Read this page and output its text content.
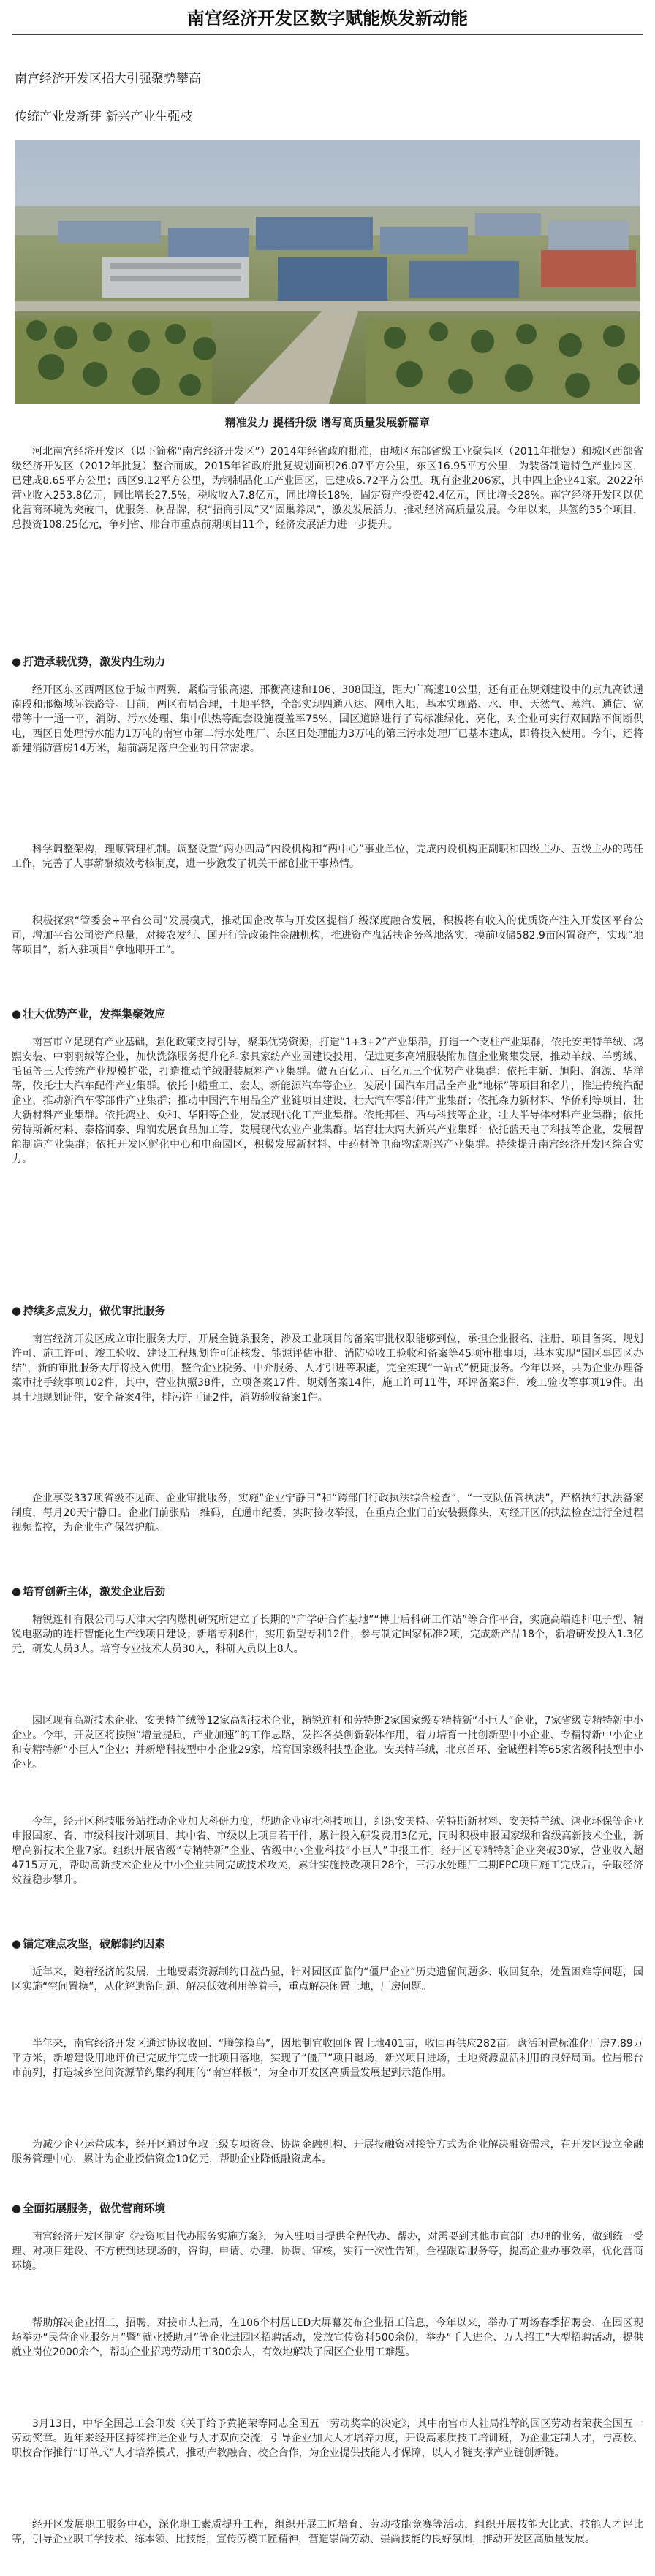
南宫经济开发区数字赋能焕发新动能
南宫经济开发区招大引强聚势攀高
传统产业发新芽 新兴产业生强枝
精准发力 提档升级 谱写高质量发展新篇章

河北南宫经济开发区（以下简称“南宫经济开发区”）2014年经省政府批准，由城区东部省级工业聚集区（2011年批复）和城区西部省级经济开发区（2012年批复）整合而成，2015年省政府批复规划面积26.07平方公里，东区16.95平方公里，为装备制造特色产业园区，已建成8.65平方公里；西区9.12平方公里，为钢制品化工产业园区，已建成6.72平方公里。现有企业206家，其中四上企业41家。2022年营业收入253.8亿元，同比增长27.5%，税收收入7.8亿元，同比增长18%，固定资产投资42.4亿元，同比增长28%。南宫经济开发区以优化营商环境为突破口，优服务、树品牌，积“招商引凤”又“固巢养凤”，激发发展活力，推动经济高质量发展。今年以来，共签约35个项目，总投资108.25亿元，争列省、邢台市重点前期项目11个，经济发展活力进一步提升。

● 打造承载优势，激发内生动力

经开区东区西两区位于城市两翼，紧临青银高速、邢衡高速和106、308国道，距大广高速10公里，还有正在规划建设中的京九高铁通南段和邢衡城际铁路等。目前，两区布局合理，土地平整，全部实现四通八达、网电入地，基本实现路、水、电、天然气、蒸汽、通信、宽带等十一通一平，消防、污水处理、集中供热等配套设施覆盖率75%，国区道路进行了高标准绿化、亮化，对企业可实行双回路不间断供电，西区日处理污水能力1万吨的南宫市第二污水处理厂、东区日处理能力3万吨的第三污水处理厂已基本建成，即将投入使用。今年，还将新建消防营房14万米，超前满足落户企业的日常需求。

科学调整架构，理顺管理机制。调整设置“两办四局”内设机构和“两中心”事业单位，完成内设机构正副职和四级主办、五级主办的聘任工作，完善了人事薪酬绩效考核制度，进一步激发了机关干部创业干事热情。

积极探索“管委会+平台公司”发展模式，推动国企改革与开发区提档升级深度融合发展，积极将有收入的优质资产注入开发区平台公司，增加平台公司资产总量，对接农发行、国开行等政策性金融机构，推进资产盘活扶企务落地落实，摸前收储582.9亩闲置资产，实现“地等项目”，新入驻项目“拿地即开工”。

● 壮大优势产业，发挥集聚效应

南宫市立足现有产业基础，强化政策支持引导，聚集优势资源，打造“1+3+2”产业集群，打造一个支柱产业集群，依托安美特羊绒、鸿熙安装、中羽羽绒等企业，加快洗涤服务提升化和家具家纺产业园建设投用，促进更多高端服装附加值企业聚集发展，推动羊绒、羊剪绒、毛毡等三大传统产业规模扩张，打造推动羊绒服装原料产业集群。做五百亿元、百亿元三个优势产业集群：依托丰新、旭阳、润源、华洋等，依托壮大汽车配件产业集群。依托中船重工、宏太、新能源汽车等企业，发展中国汽车用品全产业“地标”等项目和名片，推进传统汽配企业，推动新汽车零部件产业集群；推动中国汽车用品全产业链项目建设，壮大汽车零部件产业集群；依托森力新材料、华侨利等项目，壮大新材料产业集群。依托鸿业、众和、华阳等企业，发展现代化工产业集群。依托邦佳、西马科技等企业，壮大半导体材料产业集群；依托劳特斯新材料、泰格润泰、鼎润发展食品加工等，发展现代农业产业集群。培育壮大两大新兴产业集群：依托蓝天电子科技等企业，发展智能制造产业集群；依托开发区孵化中心和电商园区，积极发展新材料、中药材等电商物流新兴产业集群。持续提升南宫经济开发区综合实力。

● 持续多点发力，做优审批服务

南宫经济开发区成立审批服务大厅，开展全链条服务，涉及工业项目的备案审批权限能够到位，承担企业报名、注册、项目备案、规划许可、施工许可、竣工验收、建设工程规划许可证核发、能源评估审批、消防验收工验收和备案等45项审批事项，基本实现“园区事园区办结”，新的审批服务大厅将投入使用，整合企业税务、中介服务、人才引进等职能，完全实现“一站式”便捷服务。今年以来，共为企业办理备案审批手续事项102件，其中，营业执照38件，立项备案17件，规划备案14件，施工许可11件，环评备案3件，竣工验收等事项19件。出具土地规划证件，安全备案4件，排污许可证2件，消防验收备案1件。

企业享受337项省级不见面、企业审批服务，实施“企业宁静日”和“跨部门行政执法综合检查”，“一支队伍管执法”，严格执行执法备案制度，每月20天宁静日。企业门前张贴二维码，直通市纪委，实时接收举报，在重点企业门前安装摄像头，对经开区的执法检查进行全过程视频监控，为企业生产保驾护航。

● 培育创新主体，激发企业后劲

精锐连杆有限公司与天津大学内燃机研究所建立了长期的“产学研合作基地”“博士后科研工作站”等合作平台，实施高端连杆电子型、精锐电驱动的连杆智能化生产线项目建设；新增专利8件，实用新型专利12件，参与制定国家标准2项，完成新产品18个，新增研发投入1.3亿元，研发人员3人。培育专业技术人员30人，科研人员以上8人。

园区现有高新技术企业、安美特羊绒等12家高新技术企业，精锐连杆和劳特斯2家国家级专精特新“小巨人”企业，7家省级专精特新中小企业。今年，开发区将按照“增量提质，产业加速”的工作思路，发挥各类创新载体作用，着力培育一批创新型中小企业、专精特新中小企业和专精特新“小巨人”企业；并新增科技型中小企业29家，培育国家级科技型企业。安美特羊绒，北京首环、金诚塑料等65家省级科技型中小企业。

今年，经开区科技服务站推动企业加大科研力度，帮助企业审批科技项目，组织安美特、劳特斯新材料、安美特羊绒、鸿业环保等企业申报国家、省、市级科技计划项目，其中省、市级以上项目若干件，累计投入研发费用3亿元，同时积极申报国家级和省级高新技术企业，新增高新技术企业7家。组织开展省级“专精特新”企业、省级中小企业科技“小巨人”申报工作。经开区专精特新企业突破30家，营业收入超4715万元，帮助高新技术企业及中小企业共同完成技术攻关，累计实施技改项目28个，三污水处理厂二期EPC项目施工完成后，争取经济效益稳步攀升。

● 锚定难点攻坚，破解制约因素

近年来，随着经济的发展，土地要素资源制约日益凸显，针对园区面临的“僵尸企业”历史遗留问题多、收回复杂，处置困难等问题，园区实施“空间置换”，从化解遗留问题、解决低效利用等着手，重点解决闲置土地，厂房问题。

半年来，南宫经济开发区通过协议收回、“腾笼换鸟”，因地制宜收回闲置土地401亩，收回再供应282亩。盘活闲置标准化厂房7.89万平方米，新增建设用地评价已完成并完成一批项目落地，实现了“僵尸”项目退场，新兴项目进场，土地资源盘活利用的良好局面。位居邢台市前列，打造城乡空间资源节约集约利用的“南宫样板”，为全市开发区高质量发展起到示范作用。

为减少企业运营成本，经开区通过争取上级专项资金、协调金融机构、开展投融资对接等方式为企业解决融资需求，在开发区设立金融服务管理中心，累计为企业授信资金10亿元，帮助企业降低融资成本。

● 全面拓展服务，做优营商环境

南宫经济开发区制定《投资项目代办服务实施方案》，为入驻项目提供全程代办、帮办，对需要到其他市直部门办理的业务，做到统一受理、对项目建设、不方便到达现场的，咨询，申请、办理、协调、审核，实行一次性告知，全程跟踪服务等，提高企业办事效率，优化营商环境。

帮助解决企业招工，招聘，对接市人社局，在106个村居LED大屏幕发布企业招工信息，今年以来，举办了两场春季招聘会、在园区现场举办“民营企业服务月”暨“就业援助月”等企业进园区招聘活动，发放宣传资料500余份，举办“千人进企、万人招工”大型招聘活动，提供就业岗位2000余个，帮助企业招聘劳动用工300余人，有效地解决了园区企业用工难题。

3月13日，中华全国总工会印发《关于给予黄艳荣等同志全国五一劳动奖章的决定》，其中南宫市人社局推荐的园区劳动者荣获全国五一劳动奖章。近年来经开区持续推进企业与人才双向交流，引导企业加大人才培养力度，开设高素质技工培训班，为企业定制人才，与高校、职校合作推行“订单式”人才培养模式，推动产教融合、校企合作，为企业提供技能人才保障，以人才链支撑产业链创新链。

经开区发展职工服务中心，深化职工素质提升工程，组织开展工匠培育、劳动技能竞赛等活动，组织开展技能大比武、技能人才评比等，引导企业职工学技术、练本领、比技能，宣传劳模工匠精神，营造崇尚劳动、崇尚技能的良好氛围，推动开发区高质量发展。
